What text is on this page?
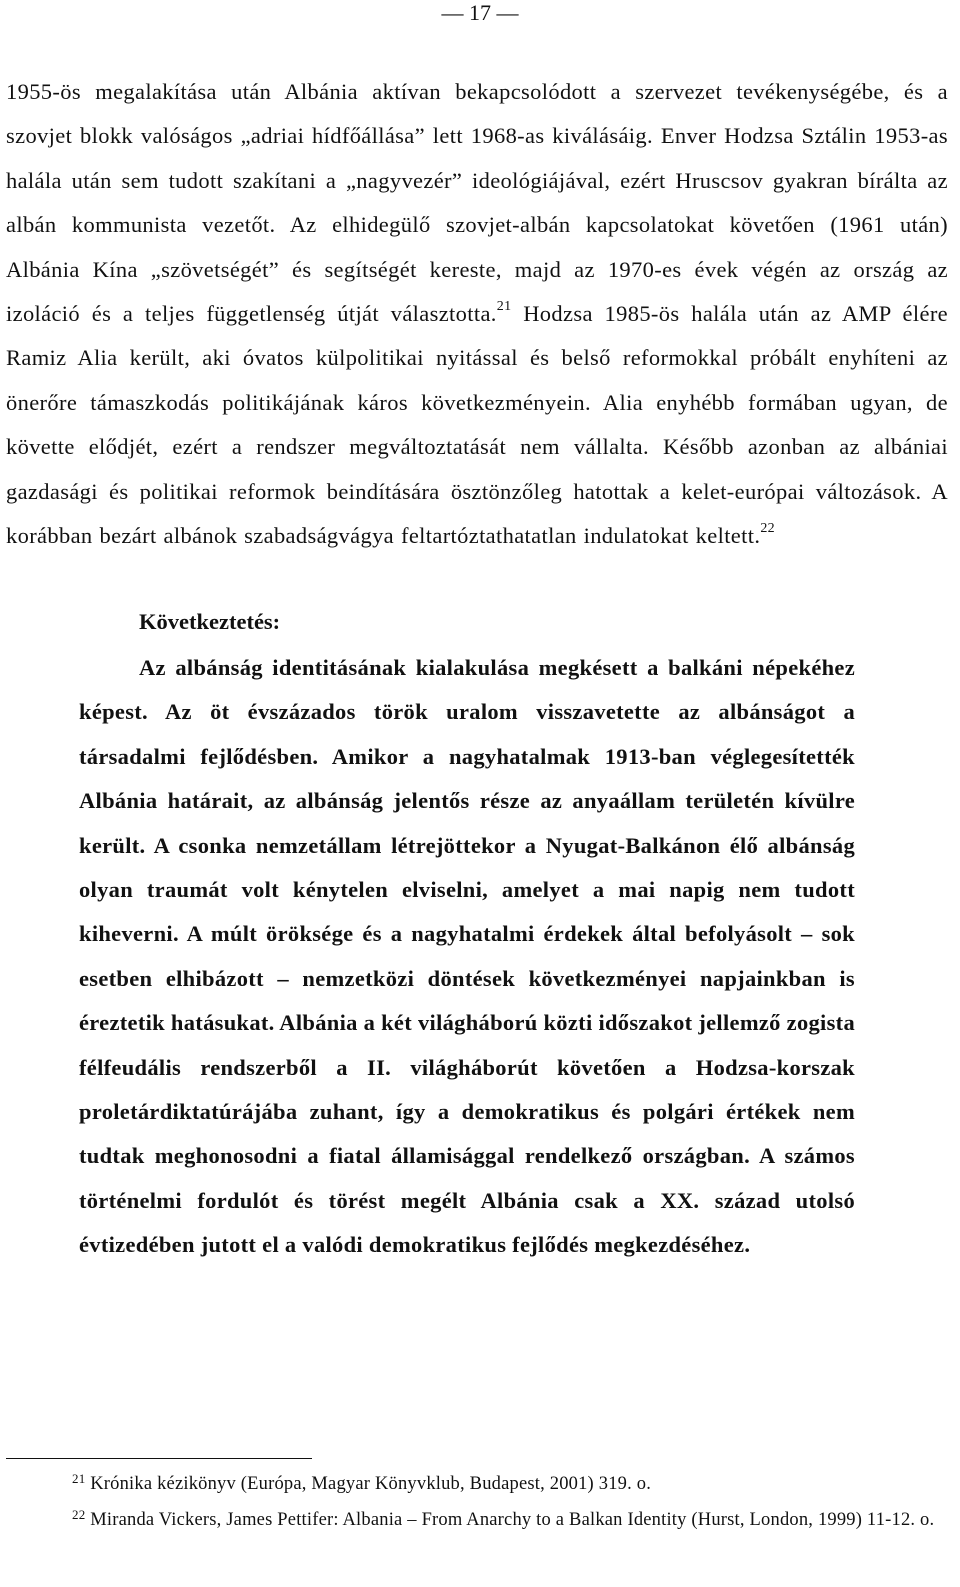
— 17 —

1955-ös megalakítása után Albánia aktívan bekapcsolódott a szervezet tevékenységébe, és a szovjet blokk valóságos „adriai hídfőállása” lett 1968-as kiválásáig. Enver Hodzsa Sztálin 1953-as halála után sem tudott szakítani a „nagyvezér” ideológiájával, ezért Hruscsov gyakran bírálta az albán kommunista vezetőt. Az elhidegülő szovjet-albán kapcsolatokat követően (1961 után) Albánia Kína „szövetségét” és segítségét kereste, majd az 1970-es évek végén az ország az izoláció és a teljes függetlenség útját választotta.$^{21}$ Hodzsa 1985-ös halála után az AMP élére Ramiz Alia került, aki óvatos külpolitikai nyitással és belső reformokkal próbált enyhíteni az önerőre támaszkodás politikájának káros következményein. Alia enyhébb formában ugyan, de követte elődjét, ezért a rendszer megváltoztatását nem vállalta. Később azonban az albániai gazdasági és politikai reformok beindítására ösztönzőleg hatottak a kelet-európai változások. A korábban bezárt albánok szabadságvágya feltartóztathatatlan indulatokat keltett.$^{22}$

Következtetés:

Az albánság identitásának kialakulása megkésett a balkáni népekéhez képest. Az öt évszázados török uralom visszavetette az albánságot a társadalmi fejlődésben. Amikor a nagyhatalmak 1913-ban véglegesítették Albánia határait, az albánság jelentős része az anyaállam területén kívülre került. A csonka nemzetállam létrejöttekor a Nyugat-Balkánon élő albánság olyan traumát volt kénytelen elviselni, amelyet a mai napig nem tudott kiheverni. A múlt öröksége és a nagyhatalmi érdekek által befolyásolt – sok esetben elhibázott – nemzetközi döntések következményei napjainkban is éreztetik hatásukat. Albánia a két világháború közti időszakot jellemző zogista félfeudális rendszerből a II. világháborút követően a Hodzsa-korszak proletárdiktatúrájába zuhant, így a demokratikus és polgári értékek nem tudtak meghonosodni a fiatal államisággal rendelkező országban. A számos történelmi fordulót és törést megélt Albánia csak a XX. század utolsó évtizedében jutott el a valódi demokratikus fejlődés megkezdéséhez.

$^{21}$ Krónika kézikönyv (Európa, Magyar Könyvklub, Budapest, 2001) 319. o.

$^{22}$ Miranda Vickers, James Pettifer: Albania – From Anarchy to a Balkan Identity (Hurst, London, 1999) 11-12. o.
